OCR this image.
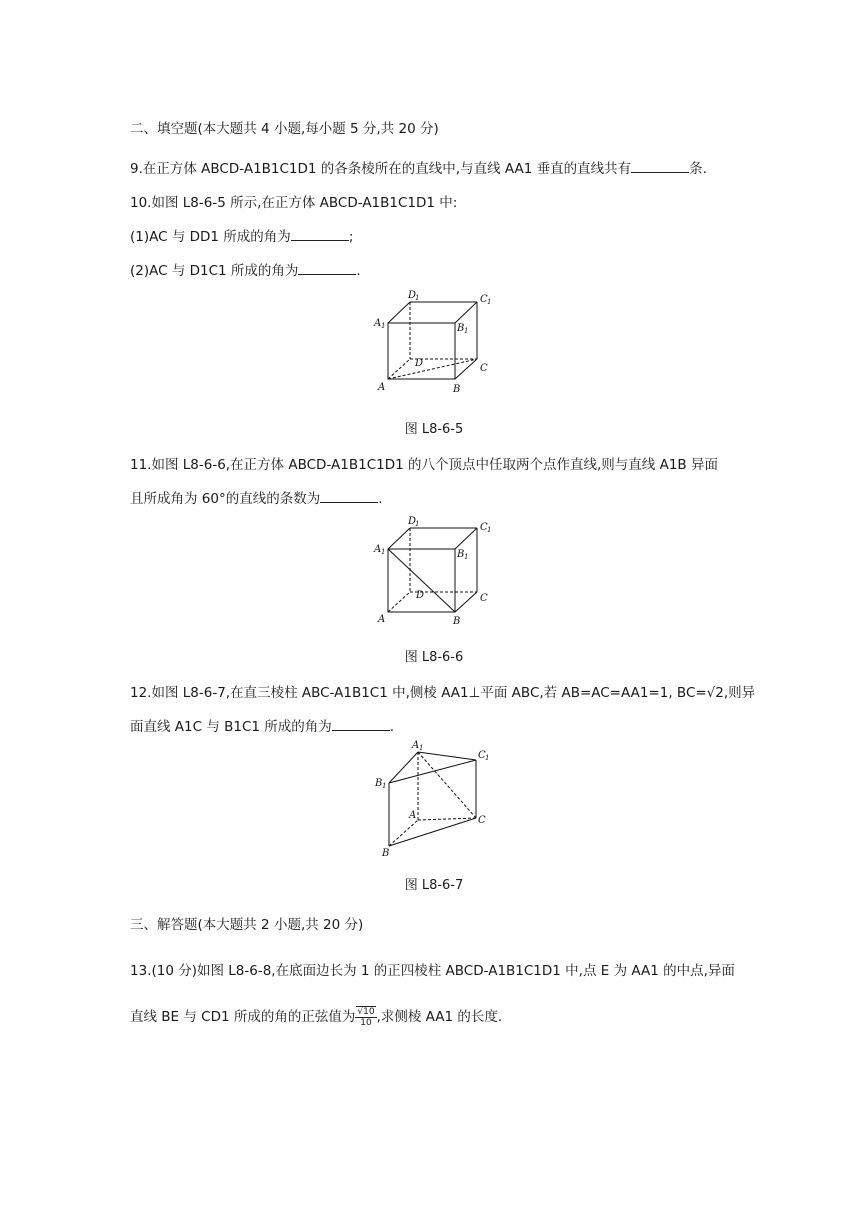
二、填空题(本大题共 4 小题,每小题 5 分,共 20 分)
9.在正方体 ABCD-A1B1C1D1 的各条棱所在的直线中,与直线 AA1 垂直的直线共有	条.
10.如图 L8-6-5 所示,在正方体 ABCD-A1B1C1D1 中:
(1)AC 与 DD1 所成的角为	;
(2)AC 与 D1C1 所成的角为	.
D
1	C 1
A 1	B 1
D	C
A	B
图 L8-6-5
11.如图 L8-6-6,在正方体 ABCD-A1B1C1D1 的八个顶点中任取两个点作直线,则与直线 A1B 异面
且所成角为 60°的直线的条数为	.
D
1	C 1
A 1	B 1
D	C
A	B
图 L8-6-6
12.如图 L8-6-7,在直三棱柱 ABC-A1B1C1 中,侧棱 AA1⊥平面 ABC,若 AB=AC=AA1=1, BC=√2,则异
面直线 A1C 与 B1C1 所成的角为	.
A 1
C 1
B 1
A	C
B
图 L8-6-7
三、解答题(本大题共 2 小题,共 20 分)
13.(10 分)如图 L8-6-8,在底面边长为 1 的正四棱柱 ABCD-A1B1C1D1 中,点 E 为 AA1 的中点,异面
直线 BE 与 CD1 所成的角的正弦值为 $\frac{√10}{10}$ ,求侧棱 AA1 的长度.
